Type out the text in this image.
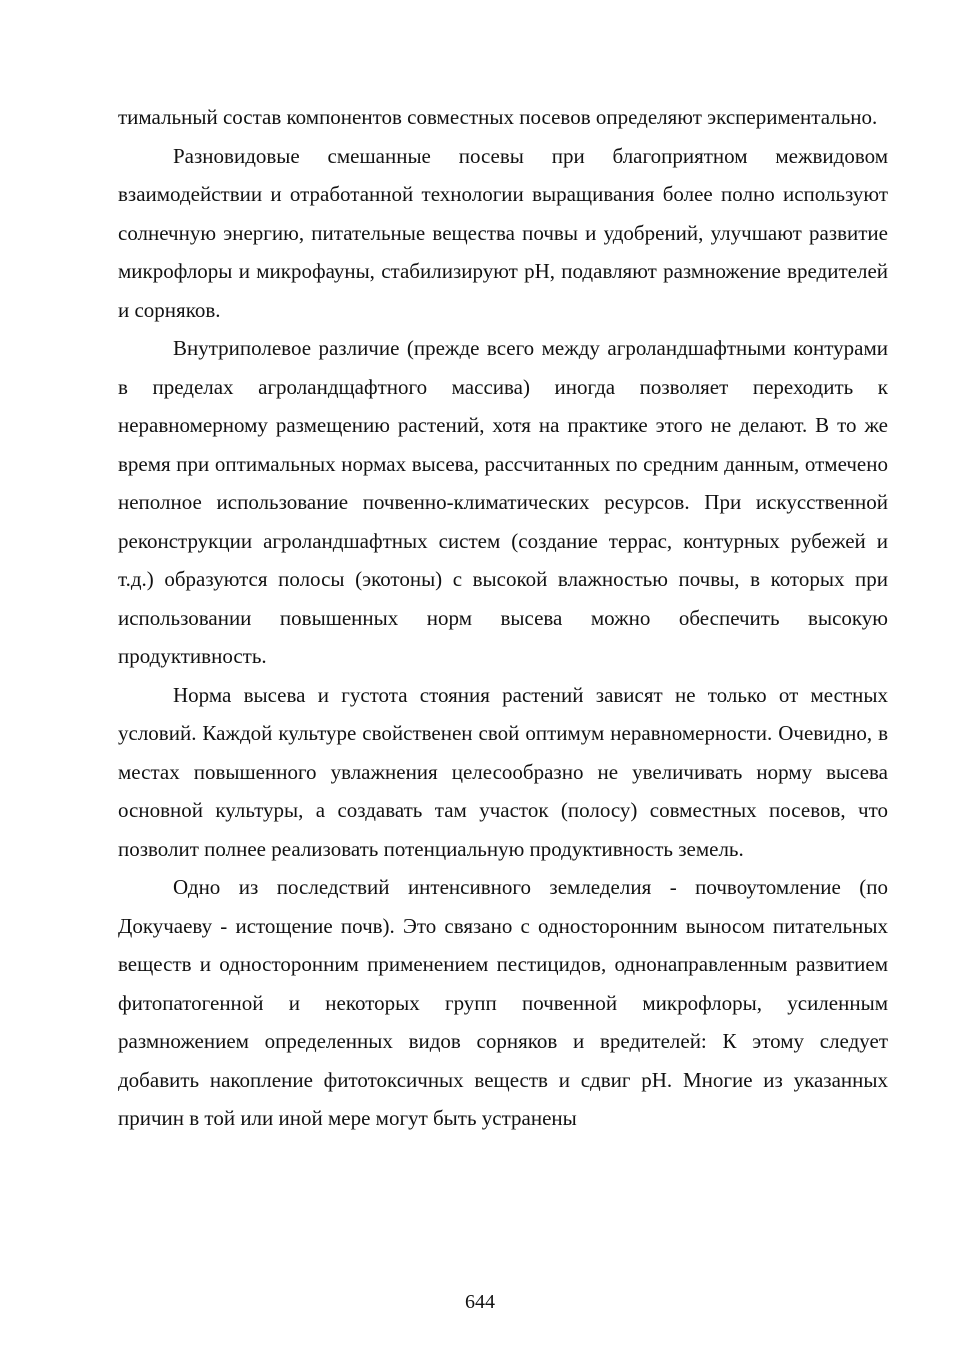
тимальный состав компонентов совместных посевов определяют экспериментально.

Разновидовые смешанные посевы при благоприятном межвидовом взаимодействии и отработанной технологии выращивания более полно используют солнечную энергию, питательные вещества почвы и удобрений, улучшают развитие микрофлоры и микрофауны, стабилизируют pH, подавляют размножение вредителей и сорняков.

Внутриполевое различие (прежде всего между агроландшафтными контурами в пределах агроландщафтного массива) иногда позволяет переходить к неравномерному размещению растений, хотя на практике этого не делают. В то же время при оптимальных нормах высева, рассчитанных по средним данным, отмечено неполное использование почвенно-климатических ресурсов. При искусственной реконструкции агроландшафтных систем (создание террас, контурных рубежей и т.д.) образуются полосы (экотоны) с высокой влажностью почвы, в которых при использовании повышенных норм высева можно обеспечить высокую продуктивность.

Норма высева и густота стояния растений зависят не только от местных условий. Каждой культуре свойственен свой оптимум неравномерности. Очевидно, в местах повышенного увлажнения целесообразно не увеличивать норму высева основной культуры, а создавать там участок (полосу) совместных посевов, что позволит полнее реализовать потенциальную продуктивность земель.

Одно из последствий интенсивного земледелия - почвоутомление (по Докучаеву - истощение почв). Это связано с односторонним выносом питательных веществ и односторонним применением пестицидов, однонаправленным развитием фитопатогенной и некоторых групп почвенной микрофлоры, усиленным размножением определенных видов сорняков и вредителей: К этому следует добавить накопление фитотоксичных веществ и сдвиг pH. Многие из указанных причин в той или иной мере могут быть устранены

644
